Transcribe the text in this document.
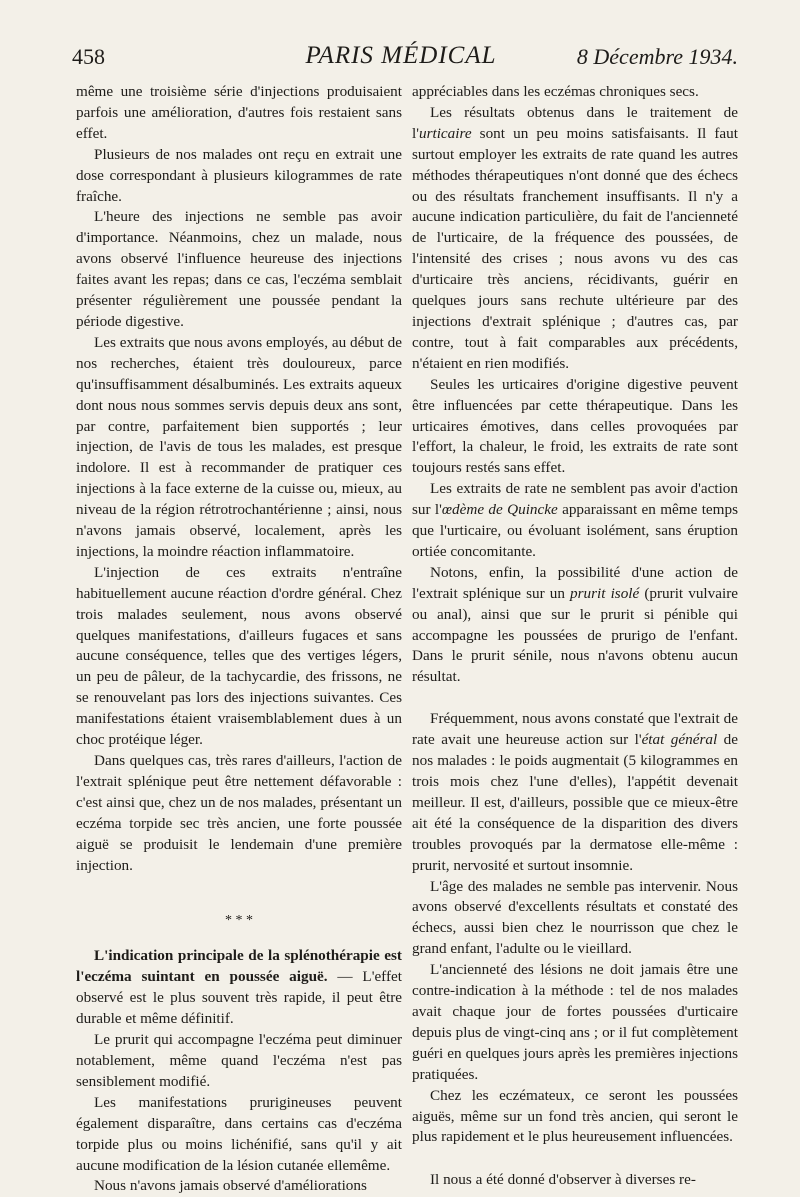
458	PARIS MÉDICAL	8 Décembre 1934.

même une troisième série d'injections produisaient parfois une amélioration, d'autres fois restaient sans effet.

Plusieurs de nos malades ont reçu en extrait une dose correspondant à plusieurs kilogrammes de rate fraîche.

L'heure des injections ne semble pas avoir d'importance. Néanmoins, chez un malade, nous avons observé l'influence heureuse des injections faites avant les repas; dans ce cas, l'eczéma semblait présenter régulièrement une poussée pendant la période digestive.

Les extraits que nous avons employés, au début de nos recherches, étaient très douloureux, parce qu'insuffisamment désalbuminés. Les extraits aqueux dont nous nous sommes servis depuis deux ans sont, par contre, parfaitement bien supportés ; leur injection, de l'avis de tous les malades, est presque indolore. Il est à recommander de pratiquer ces injections à la face externe de la cuisse ou, mieux, au niveau de la région rétrotrochantérienne ; ainsi, nous n'avons jamais observé, localement, après les injections, la moindre réaction inflammatoire.

L'injection de ces extraits n'entraîne habituellement aucune réaction d'ordre général. Chez trois malades seulement, nous avons observé quelques manifestations, d'ailleurs fugaces et sans aucune conséquence, telles que des vertiges légers, un peu de pâleur, de la tachycardie, des frissons, ne se renouvelant pas lors des injections suivantes. Ces manifestations étaient vraisemblablement dues à un choc protéique léger.

Dans quelques cas, très rares d'ailleurs, l'action de l'extrait splénique peut être nettement défavorable : c'est ainsi que, chez un de nos malades, présentant un eczéma torpide sec très ancien, une forte poussée aiguë se produisit le lendemain d'une première injection.

* * *

L'indication principale de la splénothérapie est l'eczéma suintant en poussée aiguë. — L'effet observé est le plus souvent très rapide, il peut être durable et même définitif.

Le prurit qui accompagne l'eczéma peut diminuer notablement, même quand l'eczéma n'est pas sensiblement modifié.

Les manifestations prurigineuses peuvent également disparaître, dans certains cas d'eczéma torpide plus ou moins lichénifié, sans qu'il y ait aucune modification de la lésion cutanée ellemême.

Nous n'avons jamais observé d'améliorations

appréciables dans les eczémas chroniques secs.

Les résultats obtenus dans le traitement de l'urticaire sont un peu moins satisfaisants. Il faut surtout employer les extraits de rate quand les autres méthodes thérapeutiques n'ont donné que des échecs ou des résultats franchement insuffisants. Il n'y a aucune indication particulière, du fait de l'ancienneté de l'urticaire, de la fréquence des poussées, de l'intensité des crises ; nous avons vu des cas d'urticaire très anciens, récidivants, guérir en quelques jours sans rechute ultérieure par des injections d'extrait splénique ; d'autres cas, par contre, tout à fait comparables aux précédents, n'étaient en rien modifiés.

Seules les urticaires d'origine digestive peuvent être influencées par cette thérapeutique. Dans les urticaires émotives, dans celles provoquées par l'effort, la chaleur, le froid, les extraits de rate sont toujours restés sans effet.

Les extraits de rate ne semblent pas avoir d'action sur l'œdème de Quincke apparaissant en même temps que l'urticaire, ou évoluant isolément, sans éruption ortiée concomitante.

Notons, enfin, la possibilité d'une action de l'extrait splénique sur un prurit isolé (prurit vulvaire ou anal), ainsi que sur le prurit si pénible qui accompagne les poussées de prurigo de l'enfant. Dans le prurit sénile, nous n'avons obtenu aucun résultat.

Fréquemment, nous avons constaté que l'extrait de rate avait une heureuse action sur l'état général de nos malades : le poids augmentait (5 kilogrammes en trois mois chez l'une d'elles), l'appétit devenait meilleur. Il est, d'ailleurs, possible que ce mieux-être ait été la conséquence de la disparition des divers troubles provoqués par la dermatose elle-même : prurit, nervosité et surtout insomnie.

L'âge des malades ne semble pas intervenir. Nous avons observé d'excellents résultats et constaté des échecs, aussi bien chez le nourrisson que chez le grand enfant, l'adulte ou le vieillard.

L'ancienneté des lésions ne doit jamais être une contre-indication à la méthode : tel de nos malades avait chaque jour de fortes poussées d'urticaire depuis plus de vingt-cinq ans ; or il fut complètement guéri en quelques jours après les premières injections pratiquées.

Chez les eczémateux, ce seront les poussées aiguës, même sur un fond très ancien, qui seront le plus rapidement et le plus heureusement influencées.

Il nous a été donné d'observer à diverses re-
